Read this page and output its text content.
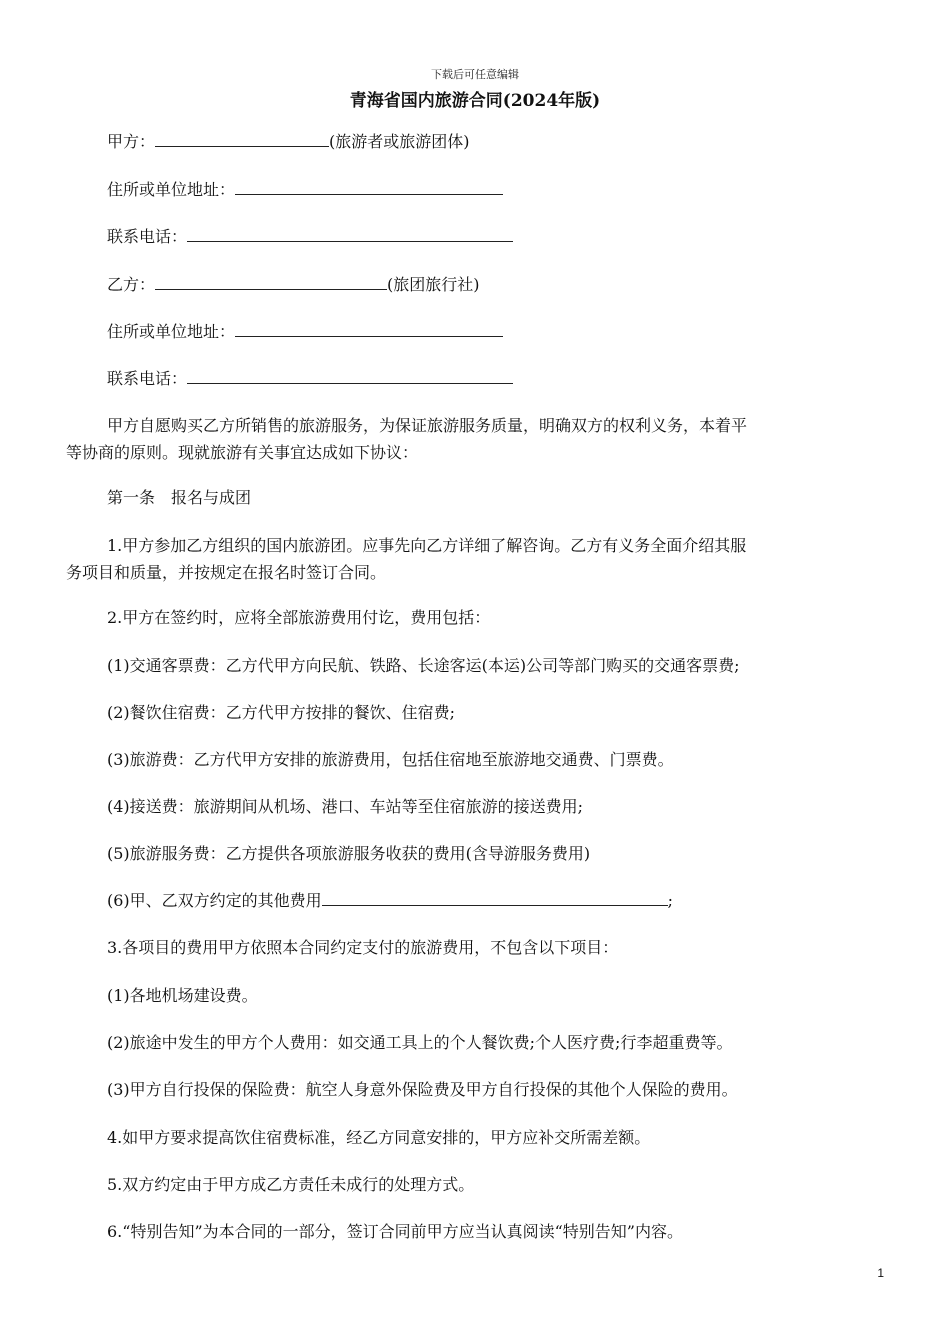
下载后可任意编辑
青海省国内旅游合同(2024年版)
甲方：	(旅游者或旅游团体)
住所或单位地址：
联系电话：
乙方：	(旅团旅行社)
住所或单位地址：
联系电话：
甲方自愿购买乙方所销售的旅游服务，为保证旅游服务质量，明确双方的权利义务，本着平
等协商的原则。现就旅游有关事宜达成如下协议：
第一条　报名与成团
1.甲方参加乙方组织的国内旅游团。应事先向乙方详细了解咨询。乙方有义务全面介绍其服
务项目和质量，并按规定在报名时签订合同。
2.甲方在签约时，应将全部旅游费用付讫，费用包括：
(1)交通客票费：乙方代甲方向民航、铁路、长途客运(本运)公司等部门购买的交通客票费;
(2)餐饮住宿费：乙方代甲方按排的餐饮、住宿费;
(3)旅游费：乙方代甲方安排的旅游费用，包括住宿地至旅游地交通费、门票费。
(4)接送费：旅游期间从机场、港口、车站等至住宿旅游的接送费用;
(5)旅游服务费：乙方提供各项旅游服务收获的费用(含导游服务费用)
(6)甲、乙双方约定的其他费用	;
3.各项目的费用甲方依照本合同约定支付的旅游费用，不包含以下项目：
(1)各地机场建设费。
(2)旅途中发生的甲方个人费用：如交通工具上的个人餐饮费;个人医疗费;行李超重费等。
(3)甲方自行投保的保险费：航空人身意外保险费及甲方自行投保的其他个人保险的费用。
4.如甲方要求提高饮住宿费标准，经乙方同意安排的，甲方应补交所需差额。
5.双方约定由于甲方成乙方责任未成行的处理方式。
6.“特别告知”为本合同的一部分，签订合同前甲方应当认真阅读“特别告知”内容。
1
